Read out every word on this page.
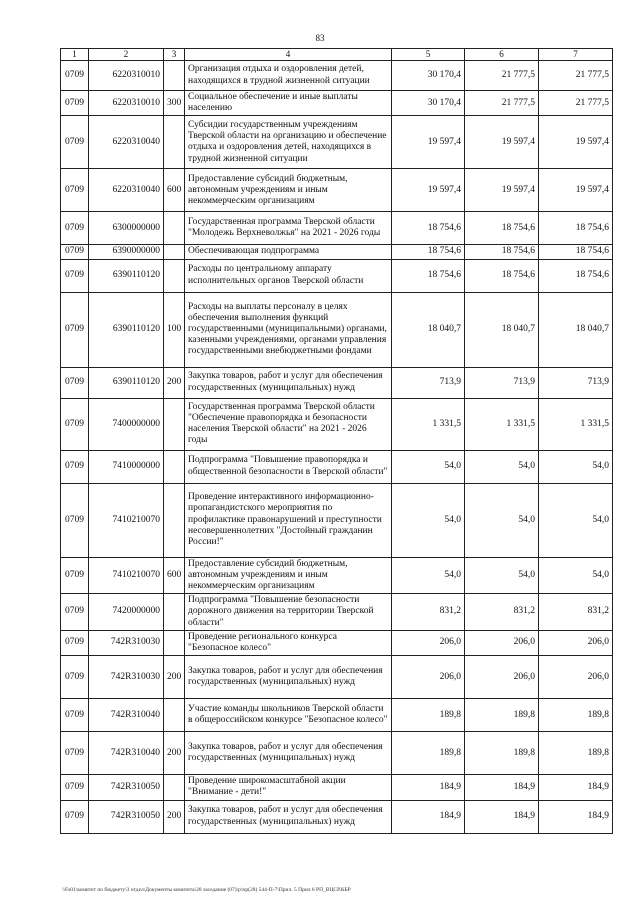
83
1	2	3	4	5	6	7
0709	6220310010		Организация отдыха и оздоровления детей, находящихся в трудной жизненной ситуации	30 170,4	21 777,5	21 777,5
0709	6220310010	300	Социальное обеспечение и иные выплаты населению	30 170,4	21 777,5	21 777,5
0709	6220310040		Субсидии государственным учреждениям Тверской области на организацию и обеспечение отдыха и оздоровления детей, находящихся в трудной жизненной ситуации	19 597,4	19 597,4	19 597,4
0709	6220310040	600	Предоставление субсидий бюджетным, автономным учреждениям и иным некоммерческим организациям	19 597,4	19 597,4	19 597,4
0709	6300000000		Государственная программа Тверской области "Молодежь Верхневолжья" на 2021 - 2026 годы	18 754,6	18 754,6	18 754,6
0709	6390000000		Обеспечивающая подпрограмма	18 754,6	18 754,6	18 754,6
0709	6390110120		Расходы по центральному аппарату исполнительных органов Тверской области	18 754,6	18 754,6	18 754,6
0709	6390110120	100	Расходы на выплаты персоналу в целях обеспечения выполнения функций государственными (муниципальными) органами, казенными учреждениями, органами управления государственными внебюджетными фондами	18 040,7	18 040,7	18 040,7
0709	6390110120	200	Закупка товаров, работ и услуг для обеспечения государственных (муниципальных) нужд	713,9	713,9	713,9
0709	7400000000		Государственная программа Тверской области "Обеспечение правопорядка и безопасности населения Тверской области" на 2021 - 2026 годы	1 331,5	1 331,5	1 331,5
0709	7410000000		Подпрограмма "Повышение правопорядка и общественной безопасности в Тверской области"	54,0	54,0	54,0
0709	7410210070		Проведение интерактивного информационно-пропагандистского мероприятия по профилактике правонарушений и преступности несовершеннолетних "Достойный гражданин России!"	54,0	54,0	54,0
0709	7410210070	600	Предоставление субсидий бюджетным, автономным учреждениям и иным некоммерческим организациям	54,0	54,0	54,0
0709	7420000000		Подпрограмма "Повышение безопасности дорожного движения на территории Тверской области"	831,2	831,2	831,2
0709	742R310030		Проведение регионального конкурса "Безопасное колесо"	206,0	206,0	206,0
0709	742R310030	200	Закупка товаров, работ и услуг для обеспечения государственных (муниципальных) нужд	206,0	206,0	206,0
0709	742R310040		Участие команды школьников Тверской области в общероссийском конкурсе "Безопасное колесо"	189,8	189,8	189,8
0709	742R310040	200	Закупка товаров, работ и услуг для обеспечения государственных (муниципальных) нужд	189,8	189,8	189,8
0709	742R310050		Проведение широкомасштабной акции "Внимание - дети!"	184,9	184,9	184,9
0709	742R310050	200	Закупка товаров, работ и услуг для обеспечения государственных (муниципальных) нужд	184,9	184,9	184,9
\\Fs01\комитет по бюджету\3 отдел\Документы комитета\28 заседание (07)\р\пр(28) 544-П-7\Прил. 5 Прил 6 РП_ВЦСР.КБР
